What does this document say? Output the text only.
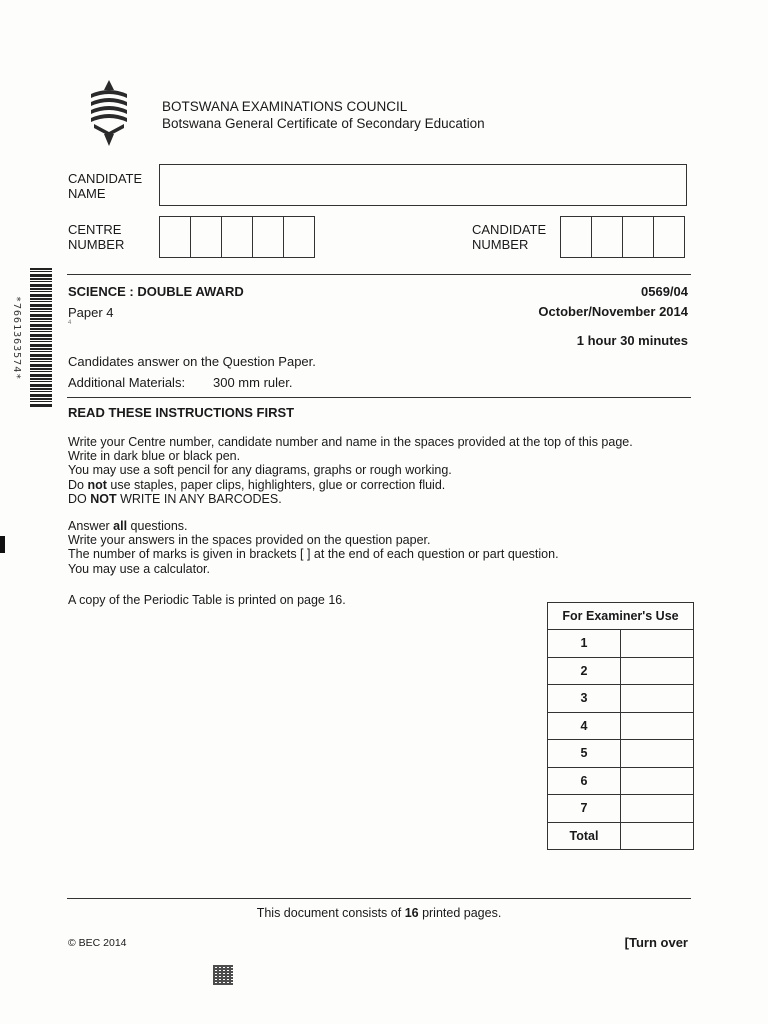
BOTSWANA EXAMINATIONS COUNCIL
Botswana General Certificate of Secondary Education
CANDIDATE
NAME
CENTRE
NUMBER
CANDIDATE
NUMBER
*7661363574*
SCIENCE : DOUBLE AWARD	0569/04
Paper 4
4
October/November 2014
1 hour 30 minutes
Candidates answer on the Question Paper.
Additional Materials: 300 mm ruler.
READ THESE INSTRUCTIONS FIRST

Write your Centre number, candidate number and name in the spaces provided at the top of this page.

Write in dark blue or black pen.

You may use a soft pencil for any diagrams, graphs or rough working.

Do not use staples, paper clips, highlighters, glue or correction fluid.

DO NOT WRITE IN ANY BARCODES.

Answer all questions.

Write your answers in the spaces provided on the question paper.

The number of marks is given in brackets [ ] at the end of each question or part question.

You may use a calculator.

A copy of the Periodic Table is printed on page 16.

For Examiner's Use	
1	
2	
3	
4	
5	
6	
7	
Total	
This document consists of 16 printed pages.
© BEC 2014	[Turn over
